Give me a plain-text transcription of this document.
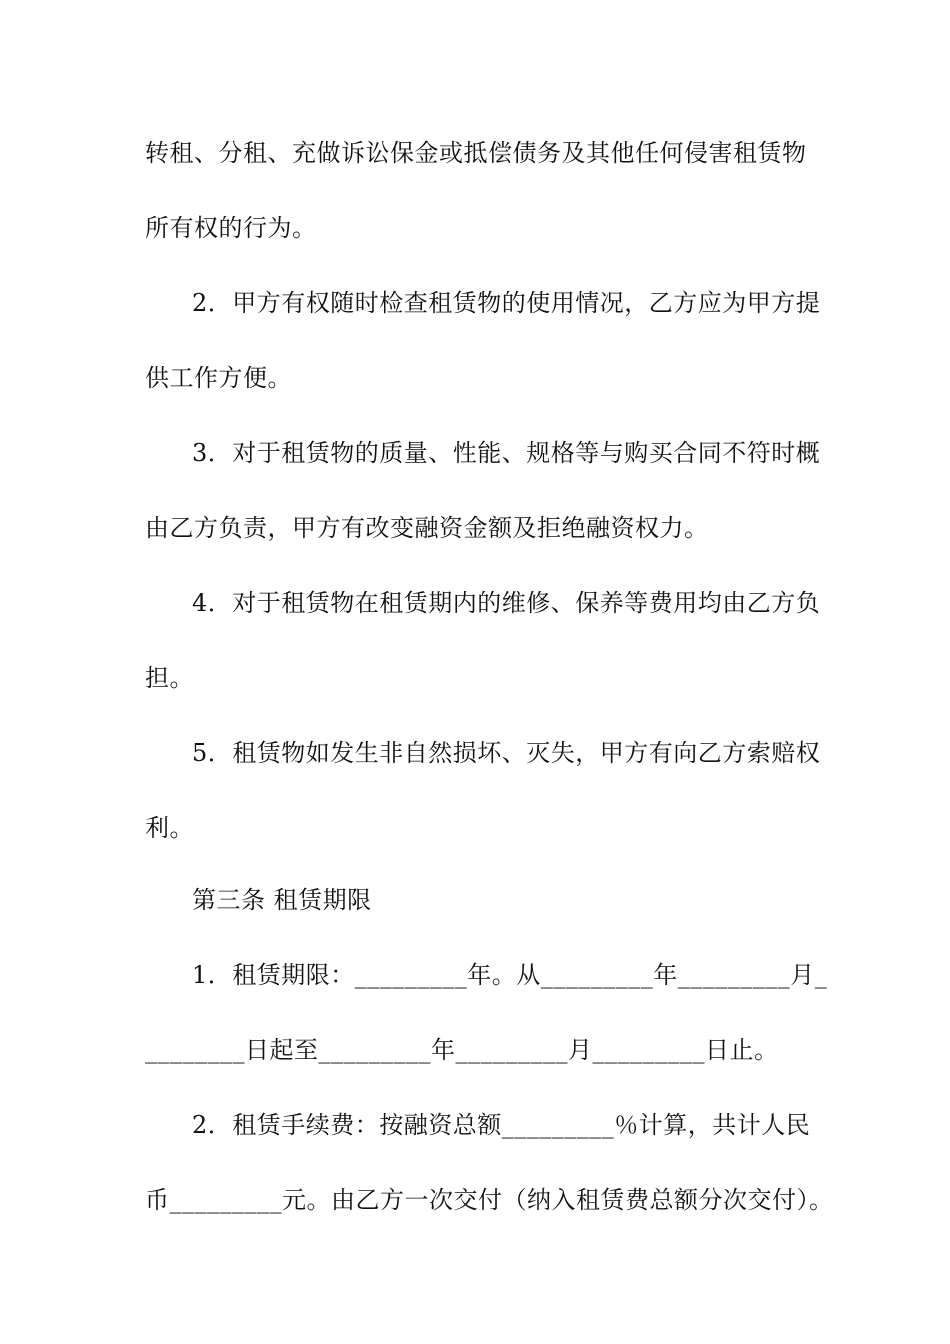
转租、分租、充做诉讼保金或抵偿债务及其他任何侵害租赁物
所有权的行为。
2．甲方有权随时检查租赁物的使用情况，乙方应为甲方提
供工作方便。
3．对于租赁物的质量、性能、规格等与购买合同不符时概
由乙方负责，甲方有改变融资金额及拒绝融资权力。
4．对于租赁物在租赁期内的维修、保养等费用均由乙方负
担。
5．租赁物如发生非自然损坏、灭失，甲方有向乙方索赔权
利。
第三条 租赁期限
1．租赁期限：_________年。从_________年_________月_
________日起至_________年_________月_________日止。
2．租赁手续费：按融资总额_________％计算，共计人民
币_________元。由乙方一次交付（纳入租赁费总额分次交付）。
